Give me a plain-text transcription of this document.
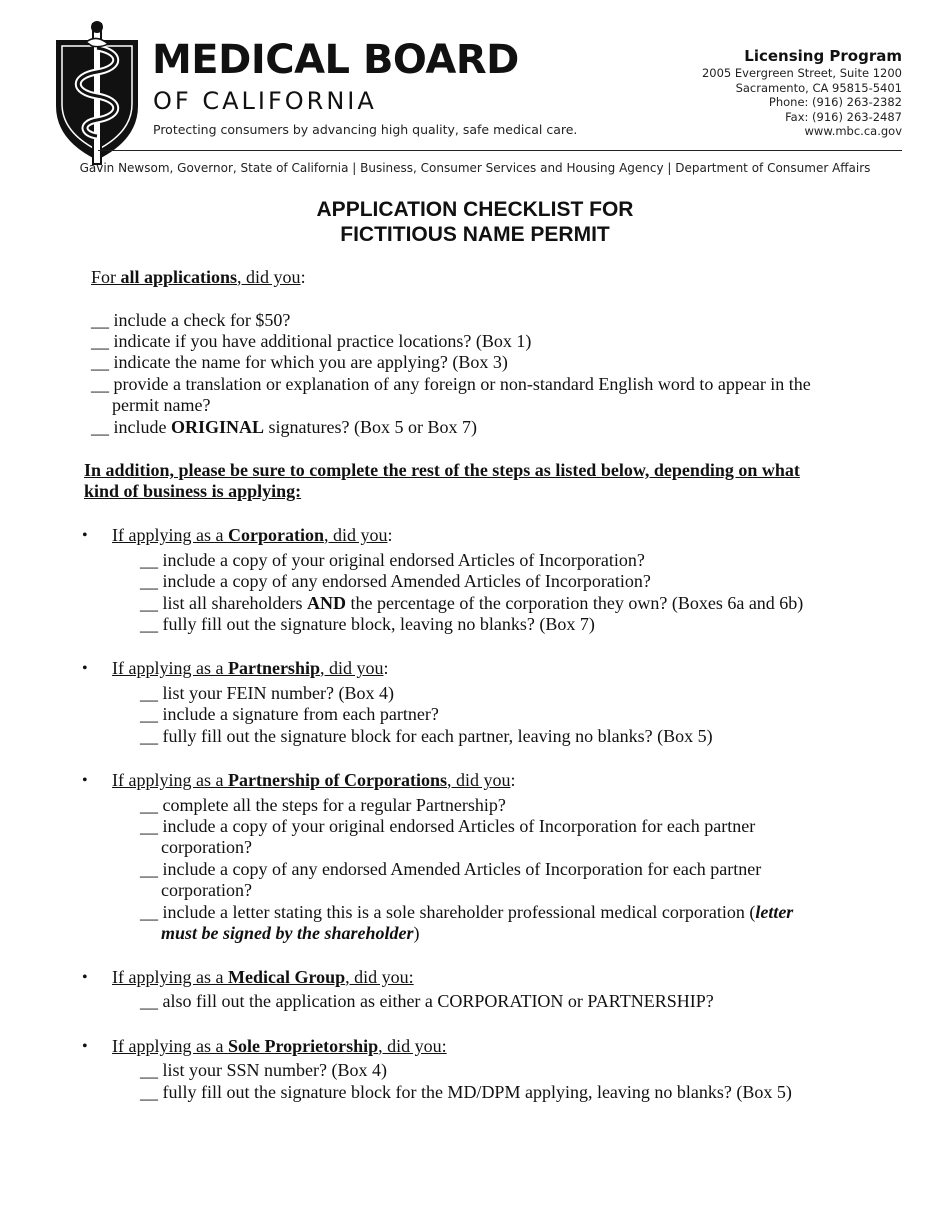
MEDICAL BOARD
OF CALIFORNIA
Protecting consumers by advancing high quality, safe medical care.
Licensing Program
2005 Evergreen Street, Suite 1200
Sacramento, CA 95815-5401
Phone: (916) 263-2382
Fax: (916) 263-2487
www.mbc.ca.gov
Gavin Newsom, Governor, State of California | Business, Consumer Services and Housing Agency | Department of Consumer Affairs
APPLICATION CHECKLIST FOR
FICTITIOUS NAME PERMIT
For all applications, did you:
__ include a check for $50?
__ indicate if you have additional practice locations? (Box 1)
__ indicate the name for which you are applying? (Box 3)
__ provide a translation or explanation of any foreign or non-standard English word to appear in the
permit name?
__ include ORIGINAL signatures? (Box 5 or Box 7)
In addition, please be sure to complete the rest of the steps as listed below, depending on what
kind of business is applying:
• If applying as a Corporation, did you:
__ include a copy of your original endorsed Articles of Incorporation?
__ include a copy of any endorsed Amended Articles of Incorporation?
__ list all shareholders AND the percentage of the corporation they own? (Boxes 6a and 6b)
__ fully fill out the signature block, leaving no blanks? (Box 7)
• If applying as a Partnership, did you:
__ list your FEIN number? (Box 4)
__ include a signature from each partner?
__ fully fill out the signature block for each partner, leaving no blanks? (Box 5)
• If applying as a Partnership of Corporations, did you:
__ complete all the steps for a regular Partnership?
__ include a copy of your original endorsed Articles of Incorporation for each partner
corporation?
__ include a copy of any endorsed Amended Articles of Incorporation for each partner
corporation?
__ include a letter stating this is a sole shareholder professional medical corporation (letter
must be signed by the shareholder)
• If applying as a Medical Group, did you:
__ also fill out the application as either a CORPORATION or PARTNERSHIP?
• If applying as a Sole Proprietorship, did you:
__ list your SSN number? (Box 4)
__ fully fill out the signature block for the MD/DPM applying, leaving no blanks? (Box 5)
